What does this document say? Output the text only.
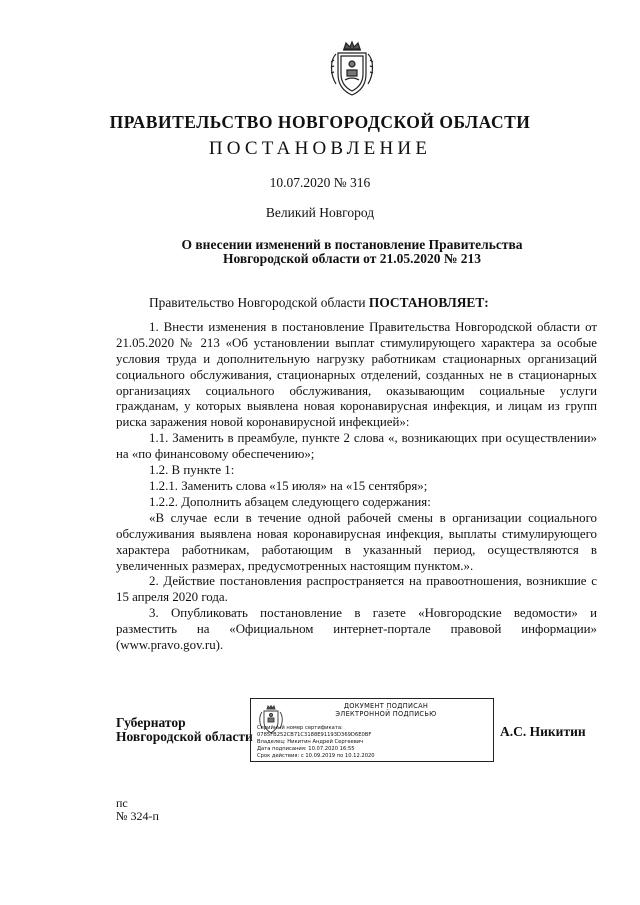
ПРАВИТЕЛЬСТВО НОВГОРОДСКОЙ ОБЛАСТИ
ПОСТАНОВЛЕНИЕ
10.07.2020 № 316
Великий Новгород
О внесении изменений в постановление Правительства
Новгородской области от 21.05.2020 № 213

Правительство Новгородской области ПОСТАНОВЛЯЕТ:

1. Внести изменения в постановление Правительства Новгородской области от 21.05.2020 № 213 «Об установлении выплат стимулирующего характера за особые условия труда и дополнительную нагрузку работникам стационарных организаций социального обслуживания, стационарных отделений, созданных не в стационарных организациях социального обслуживания, оказывающим социальные услуги гражданам, у которых выявлена новая коронавирусная инфекция, и лицам из групп риска заражения новой коронавирусной инфекцией»:

1.1. Заменить в преамбуле, пункте 2 слова «, возникающих при осуществлении» на «по финансовому обеспечению»;

1.2. В пункте 1:

1.2.1. Заменить слова «15 июля» на «15 сентября»;

1.2.2. Дополнить абзацем следующего содержания:

«В случае если в течение одной рабочей смены в организации социального обслуживания выявлена новая коронавирусная инфекция, выплаты стимулирующего характера работникам, работающим в указанный период, осуществляются в увеличенных размерах, предусмотренных настоящим пунктом.».

2. Действие постановления распространяется на правоотношения, возникшие с 15 апреля 2020 года.

3. Опубликовать постановление в газете «Новгородские ведомости» и разместить на «Официальном интернет-портале правовой информации» (www.pravo.gov.ru).

Губернатор
Новгородской области
ДОКУМЕНТ ПОДПИСАН
ЭЛЕКТРОННОЙ ПОДПИСЬЮ
Серийный номер сертификата:
0785FB252CB71C3188E91193D369D6E0BF
Владелец: Никитин Андрей Сергеевич
Дата подписания: 10.07.2020 16:55
Срок действия: с 10.09.2019 по 10.12.2020
А.С. Никитин
пс
№ 324-п
